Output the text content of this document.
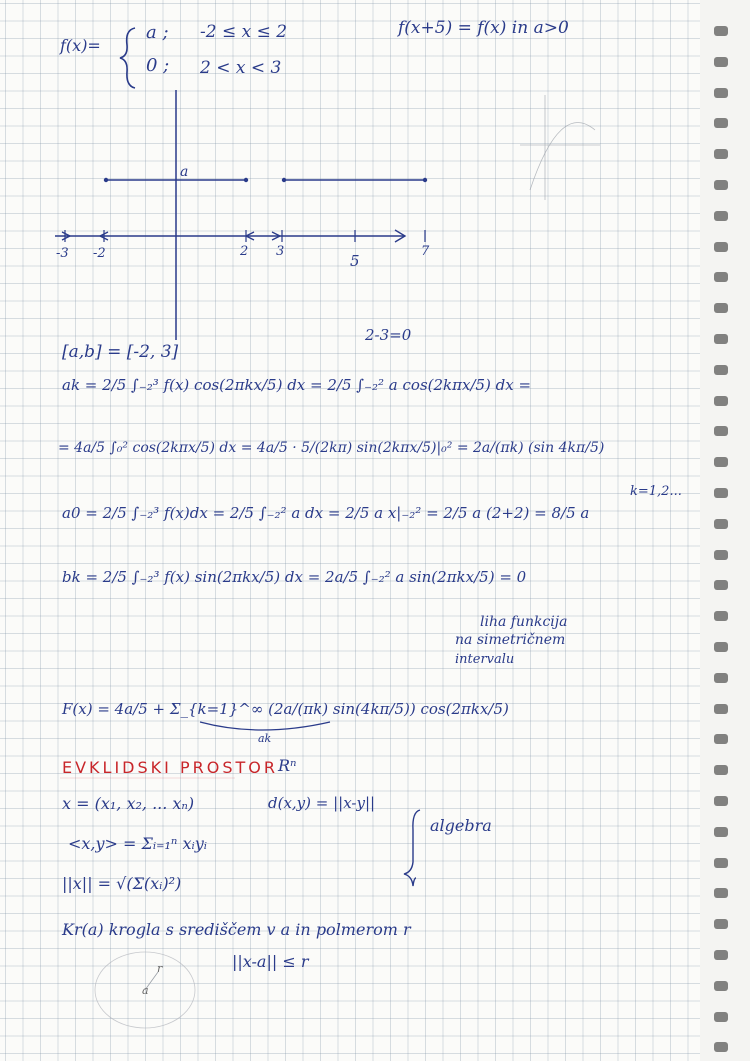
f(x)=
a ; -2 ≤ x ≤ 2
0 ; 2 < x < 3
f(x+5) = f(x) in a>0
a
-3 -2	2 3
5
7
2-3=0
[a,b] = [-2, 3]
ak = 2/5 ∫₋₂³ f(x) cos(2πkx/5) dx = 2/5 ∫₋₂² a cos(2kπx/5) dx =
= 4a/5 ∫₀² cos(2kπx/5) dx = 4a/5 · 5/(2kπ) sin(2kπx/5)|₀² = 2a/(πk) (sin 4kπ/5)
k=1,2...
a0 = 2/5 ∫₋₂³ f(x)dx = 2/5 ∫₋₂² a dx = 2/5 a x|₋₂² = 2/5 a (2+2) = 8/5 a
bk = 2/5 ∫₋₂³ f(x) sin(2πkx/5) dx = 2a/5 ∫₋₂² a sin(2πkx/5) = 0
liha funkcija
na simetričnem
intervalu
F(x) = 4a/5 + Σ_{k=1}^∞ (2a/(πk) sin(4kπ/5)) cos(2πkx/5)
ak
EVKLIDSKI PROSTOR Rⁿ
x = (x₁, x₂, ... xₙ)	d(x,y) = ||x-y||
algebra
<x,y> = Σᵢ₌₁ⁿ xᵢyᵢ
||x|| = √(Σ(xᵢ)²)
Kr(a) krogla s središčem v a in polmerom r
||x-a|| ≤ r
r
a
